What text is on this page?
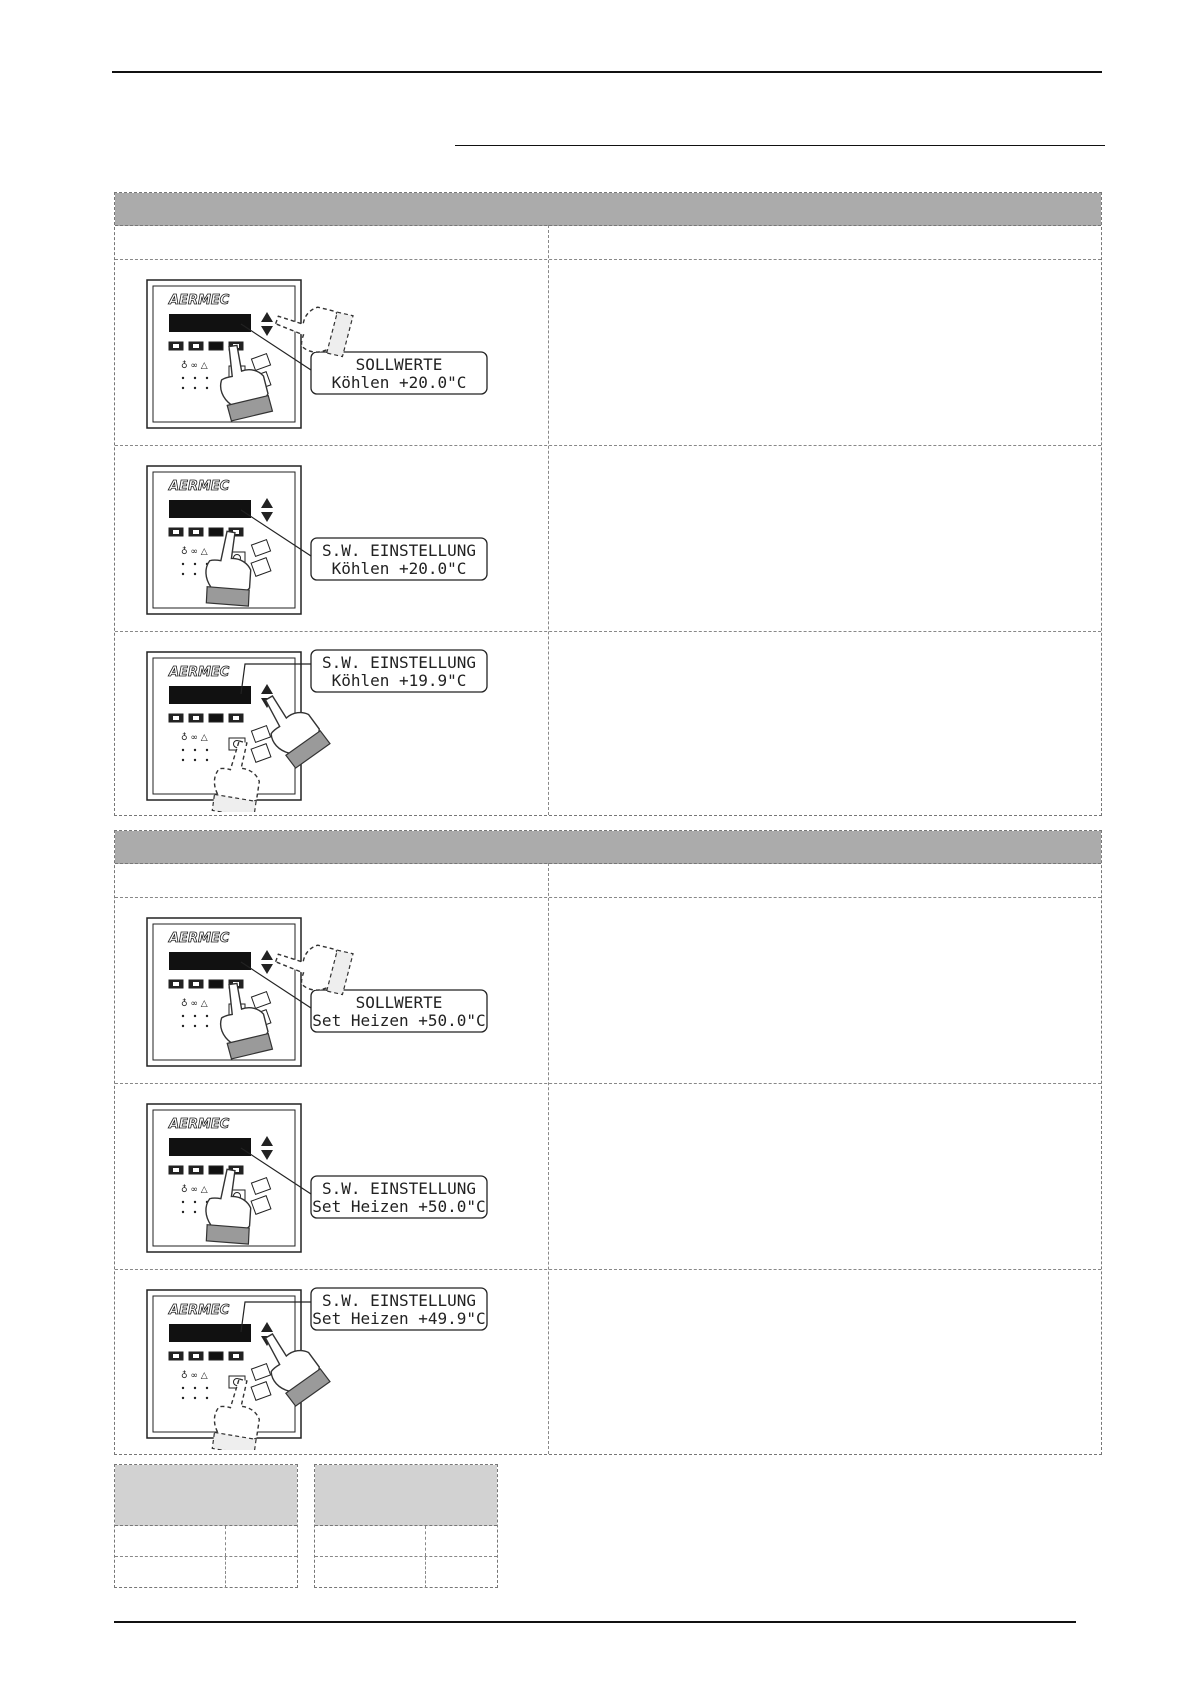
AERMEC
♁ ∞ △	SOLLWERTE
Köhlen +20.0"C
AERMEC
♁ ∞ △	S.W. EINSTELLUNG
Köhlen +20.0"C
AERMEC
♁ ∞ △
S.W. EINSTELLUNG
Köhlen +19.9"C
AERMEC
♁ ∞ △	SOLLWERTE
Set Heizen +50.0"C
AERMEC
♁ ∞ △	S.W. EINSTELLUNG
Set Heizen +50.0"C
AERMEC
♁ ∞ △
S.W. EINSTELLUNG
Set Heizen +49.9"C
